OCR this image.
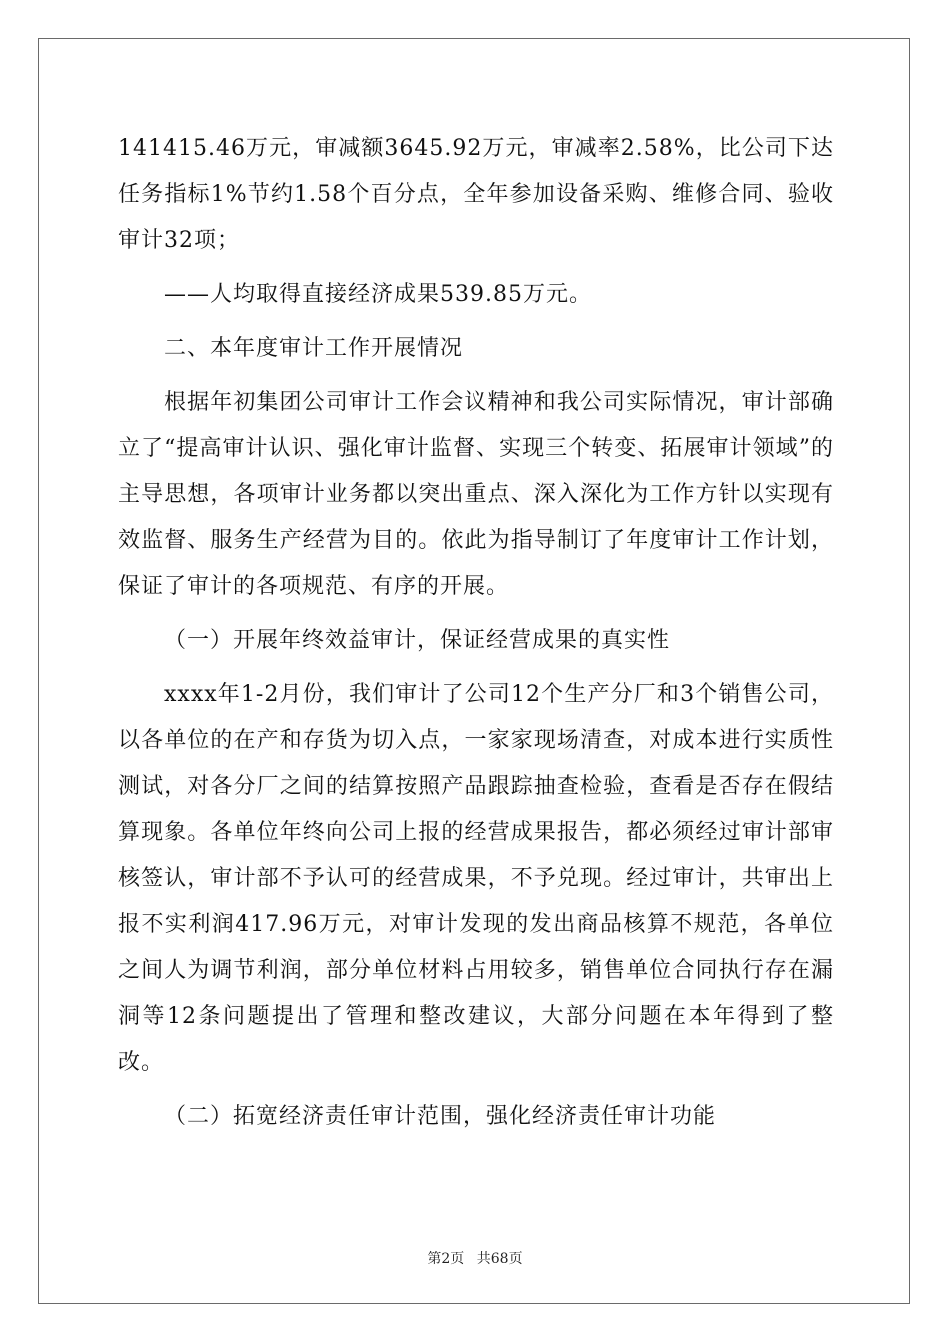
141415.46万元，审减额3645.92万元，审减率2.58%，比公司下达任务指标1%节约1.58个百分点，全年参加设备采购、维修合同、验收审计32项；

——人均取得直接经济成果539.85万元。

二、本年度审计工作开展情况

根据年初集团公司审计工作会议精神和我公司实际情况，审计部确立了“提高审计认识、强化审计监督、实现三个转变、拓展审计领域”的主导思想，各项审计业务都以突出重点、深入深化为工作方针以实现有效监督、服务生产经营为目的。依此为指导制订了年度审计工作计划，保证了审计的各项规范、有序的开展。

（一）开展年终效益审计，保证经营成果的真实性

xxxx年1-2月份，我们审计了公司12个生产分厂和3个销售公司，以各单位的在产和存货为切入点，一家家现场清查，对成本进行实质性测试，对各分厂之间的结算按照产品跟踪抽查检验，查看是否存在假结算现象。各单位年终向公司上报的经营成果报告，都必须经过审计部审核签认，审计部不予认可的经营成果，不予兑现。经过审计，共审出上报不实利润417.96万元，对审计发现的发出商品核算不规范，各单位之间人为调节利润，部分单位材料占用较多，销售单位合同执行存在漏洞等12条问题提出了管理和整改建议，大部分问题在本年得到了整改。

（二）拓宽经济责任审计范围，强化经济责任审计功能

第2页 共68页
